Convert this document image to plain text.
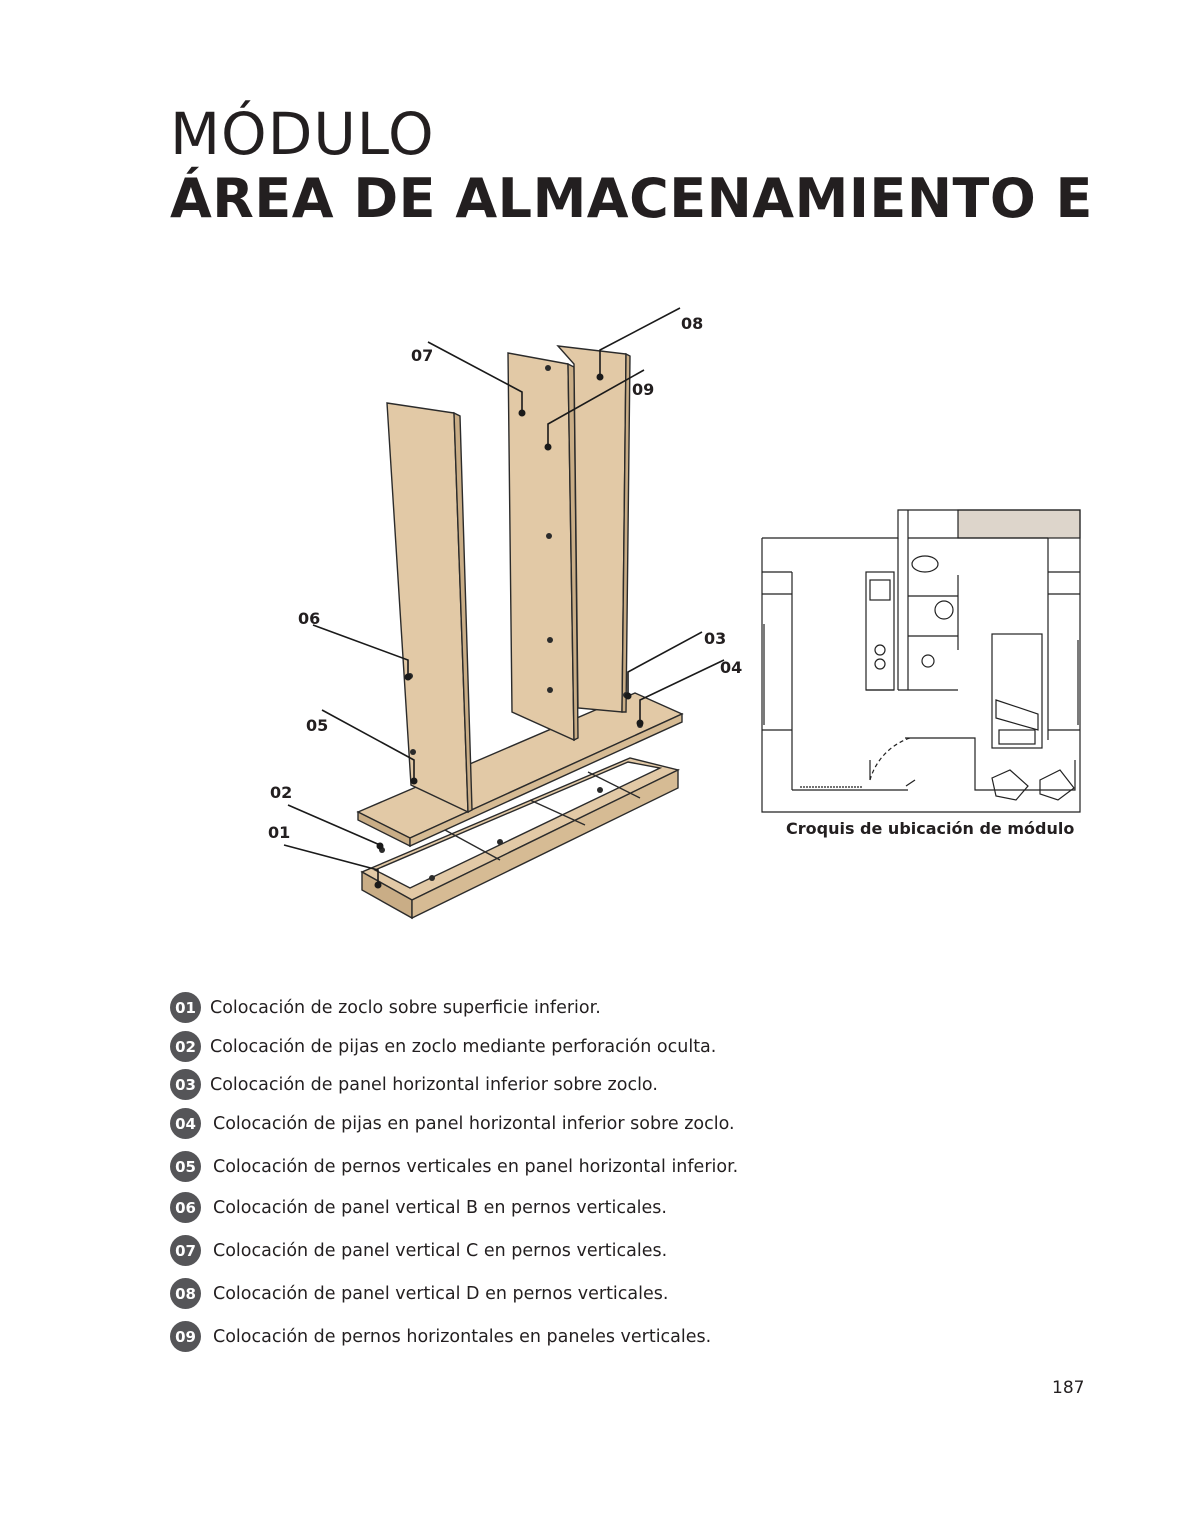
MÓDULO
ÁREA DE ALMACENAMIENTO E
01
02
03
04
05
06
07
08
09

Croquis de ubicación de módulo

01 Colocación de zoclo sobre superficie inferior.
02 Colocación de pijas en zoclo mediante perforación oculta.
03 Colocación de panel horizontal inferior sobre zoclo.
04 Colocación de pijas en panel horizontal inferior sobre zoclo.
05 Colocación de pernos verticales en panel horizontal inferior.
06 Colocación de panel vertical B en pernos verticales.
07 Colocación de panel vertical C en pernos verticales.
08 Colocación de panel vertical D en pernos verticales.
09 Colocación de pernos horizontales en paneles verticales.

187
